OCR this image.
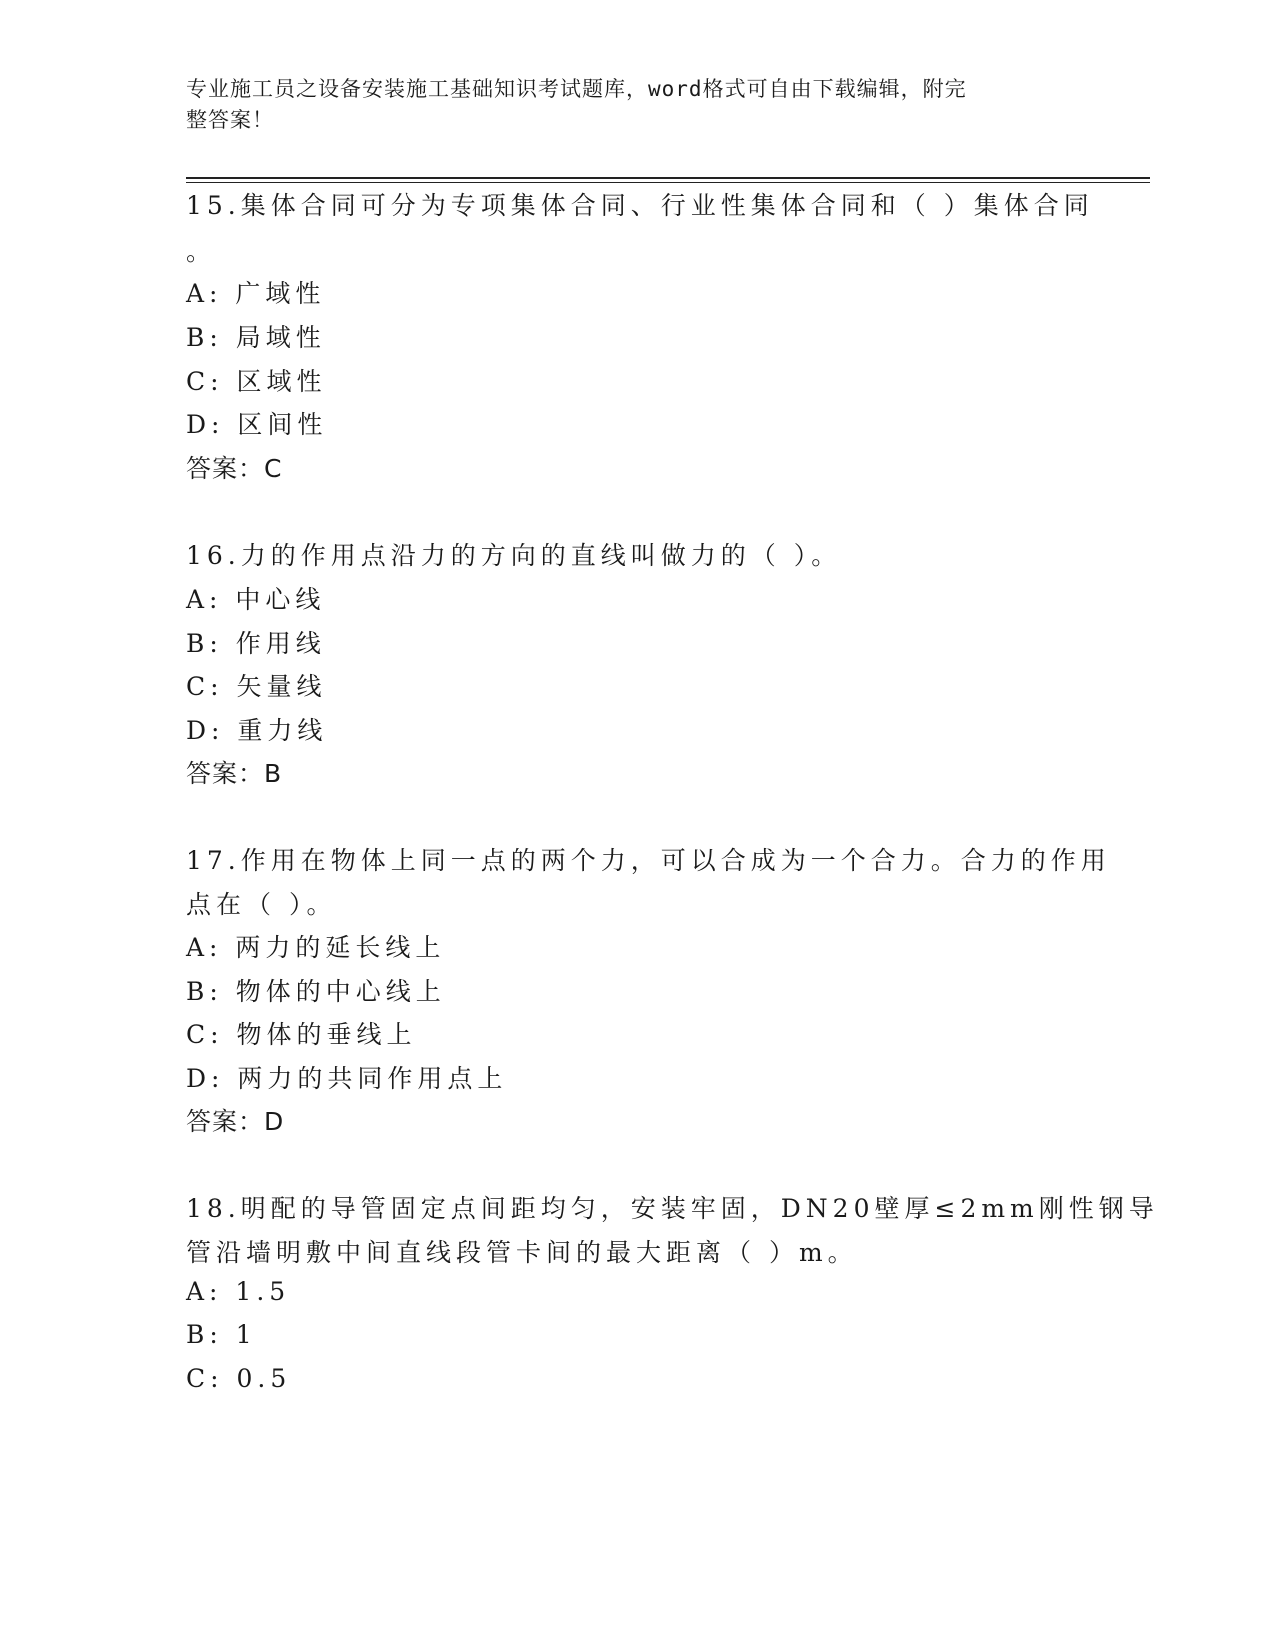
专业施工员之设备安装施工基础知识考试题库，word格式可自由下载编辑，附完
整答案！
15.集体合同可分为专项集体合同、行业性集体合同和（ ）集体合同
。
A: 广域性
B: 局域性
C: 区域性
D: 区间性
答案：C
16.力的作用点沿力的方向的直线叫做力的（ ）。
A: 中心线
B: 作用线
C: 矢量线
D: 重力线
答案：B
17.作用在物体上同一点的两个力，可以合成为一个合力。合力的作用
点在（ ）。
A: 两力的延长线上
B: 物体的中心线上
C: 物体的垂线上
D: 两力的共同作用点上
答案：D
18.明配的导管固定点间距均匀，安装牢固，DN20壁厚≤2mm刚性钢导
管沿墙明敷中间直线段管卡间的最大距离（ ）m。
A: 1.5
B: 1
C: 0.5
